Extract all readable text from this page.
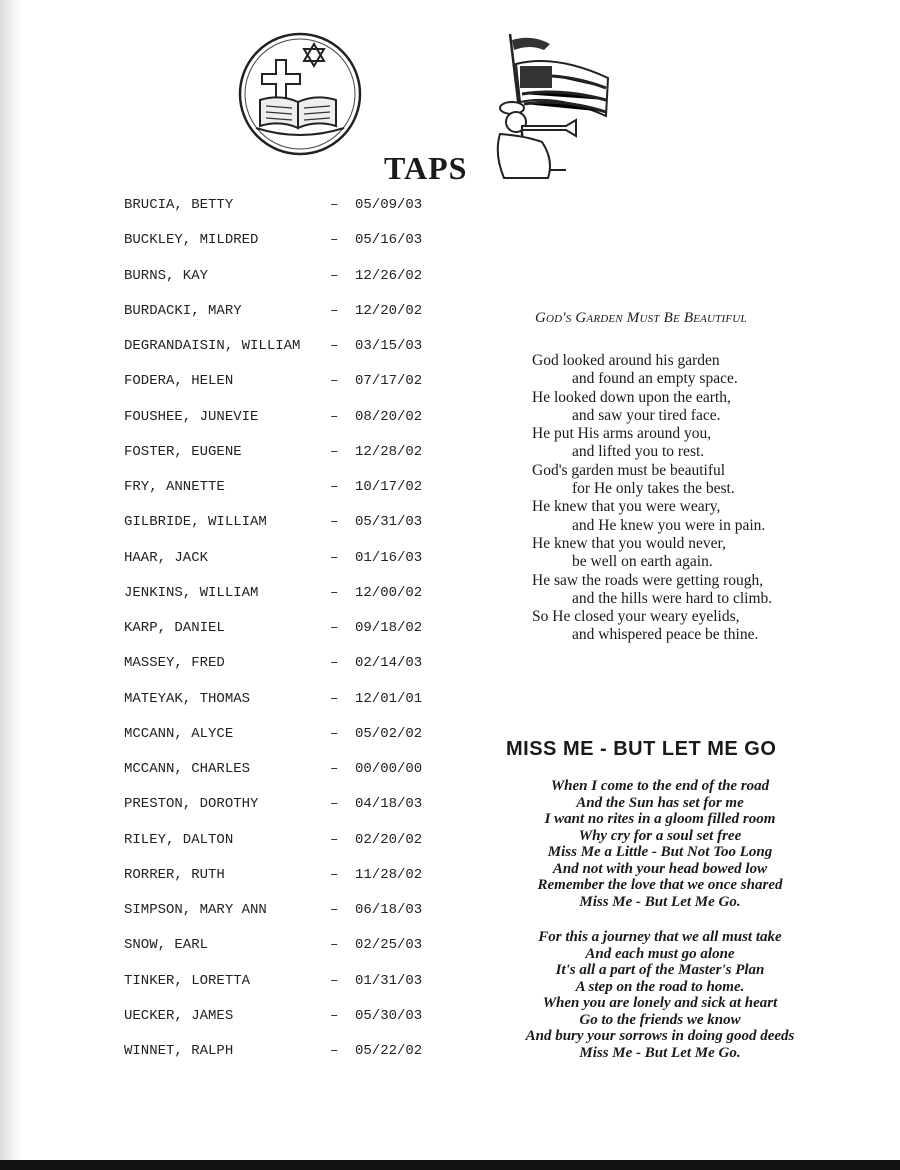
TAPS
BRUCIA, BETTY	– 05/09/03
BUCKLEY, MILDRED	– 05/16/03
BURNS, KAY	– 12/26/02
BURDACKI, MARY	– 12/20/02
DEGRANDAISIN, WILLIAM – 03/15/03
FODERA, HELEN	– 07/17/02
FOUSHEE, JUNEVIE	– 08/20/02
FOSTER, EUGENE	– 12/28/02
FRY, ANNETTE	– 10/17/02
GILBRIDE, WILLIAM	– 05/31/03
HAAR, JACK	– 01/16/03
JENKINS, WILLIAM	– 12/00/02
KARP, DANIEL	– 09/18/02
MASSEY, FRED	– 02/14/03
MATEYAK, THOMAS	– 12/01/01
MCCANN, ALYCE	– 05/02/02
MCCANN, CHARLES	– 00/00/00
PRESTON, DOROTHY	– 04/18/03
RILEY, DALTON	– 02/20/02
RORRER, RUTH	– 11/28/02
SIMPSON, MARY ANN	– 06/18/03
SNOW, EARL	– 02/25/03
TINKER, LORETTA	– 01/31/03
UECKER, JAMES	– 05/30/03
WINNET, RALPH	– 05/22/02
God's Garden Must Be Beautiful
God looked around his garden
and found an empty space.
He looked down upon the earth,
and saw your tired face.
He put His arms around you,
and lifted you to rest.
God's garden must be beautiful
for He only takes the best.
He knew that you were weary,
and He knew you were in pain.
He knew that you would never,
be well on earth again.
He saw the roads were getting rough,
and the hills were hard to climb.
So He closed your weary eyelids,
and whispered peace be thine.
MISS ME - BUT LET ME GO
When I come to the end of the road
And the Sun has set for me
I want no rites in a gloom filled room
Why cry for a soul set free
Miss Me a Little - But Not Too Long
And not with your head bowed low
Remember the love that we once shared
Miss Me - But Let Me Go.
For this a journey that we all must take
And each must go alone
It's all a part of the Master's Plan
A step on the road to home.
When you are lonely and sick at heart
Go to the friends we know
And bury your sorrows in doing good deeds
Miss Me - But Let Me Go.
